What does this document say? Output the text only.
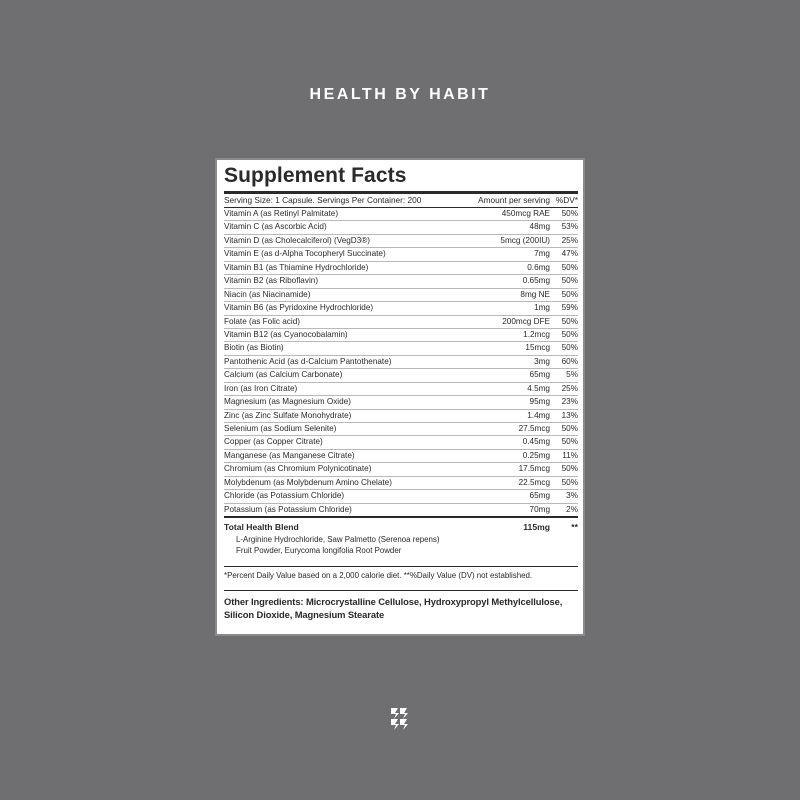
HEALTH BY HABIT
Supplement Facts
Serving Size: 1 Capsule. Servings Per Container: 200	Amount per serving %DV*
Vitamin A (as Retinyl Palmitate)	450mcg RAE	50%
Vitamin C (as Ascorbic Acid)	48mg	53%
Vitamin D (as Cholecalciferol) (VegD3®)	5mcg (200IU)	25%
Vitamin E (as d-Alpha Tocopheryl Succinate)	7mg	47%
Vitamin B1 (as Thiamine Hydrochloride)	0.6mg	50%
Vitamin B2 (as Riboflavin)	0.65mg	50%
Niacin (as Niacinamide)	8mg NE	50%
Vitamin B6 (as Pyridoxine Hydrochloride)	1mg	59%
Folate (as Folic acid)	200mcg DFE	50%
Vitamin B12 (as Cyanocobalamin)	1.2mcg	50%
Biotin (as Biotin)	15mcg	50%
Pantothenic Acid (as d-Calcium Pantothenate)	3mg	60%
Calcium (as Calcium Carbonate)	65mg	5%
Iron (as Iron Citrate)	4.5mg	25%
Magnesium (as Magnesium Oxide)	95mg	23%
Zinc (as Zinc Sulfate Monohydrate)	1.4mg	13%
Selenium (as Sodium Selenite)	27.5mcg	50%
Copper (as Copper Citrate)	0.45mg	50%
Manganese (as Manganese Citrate)	0.25mg	11%
Chromium (as Chromium Polynicotinate)	17.5mcg	50%
Molybdenum (as Molybdenum Amino Chelate)	22.5mcg	50%
Chloride (as Potassium Chloride)	65mg	3%
Potassium (as Potassium Chloride)	70mg	2%
Total Health Blend	115mg	**
L-Arginine Hydrochloride, Saw Palmetto (Serenoa repens)
Fruit Powder, Eurycoma longifolia Root Powder
*Percent Daily Value based on a 2,000 calorie diet. **%Daily Value (DV) not established.
Other Ingredients: Microcrystalline Cellulose, Hydroxypropyl Methylcellulose, Silicon Dioxide, Magnesium Stearate
